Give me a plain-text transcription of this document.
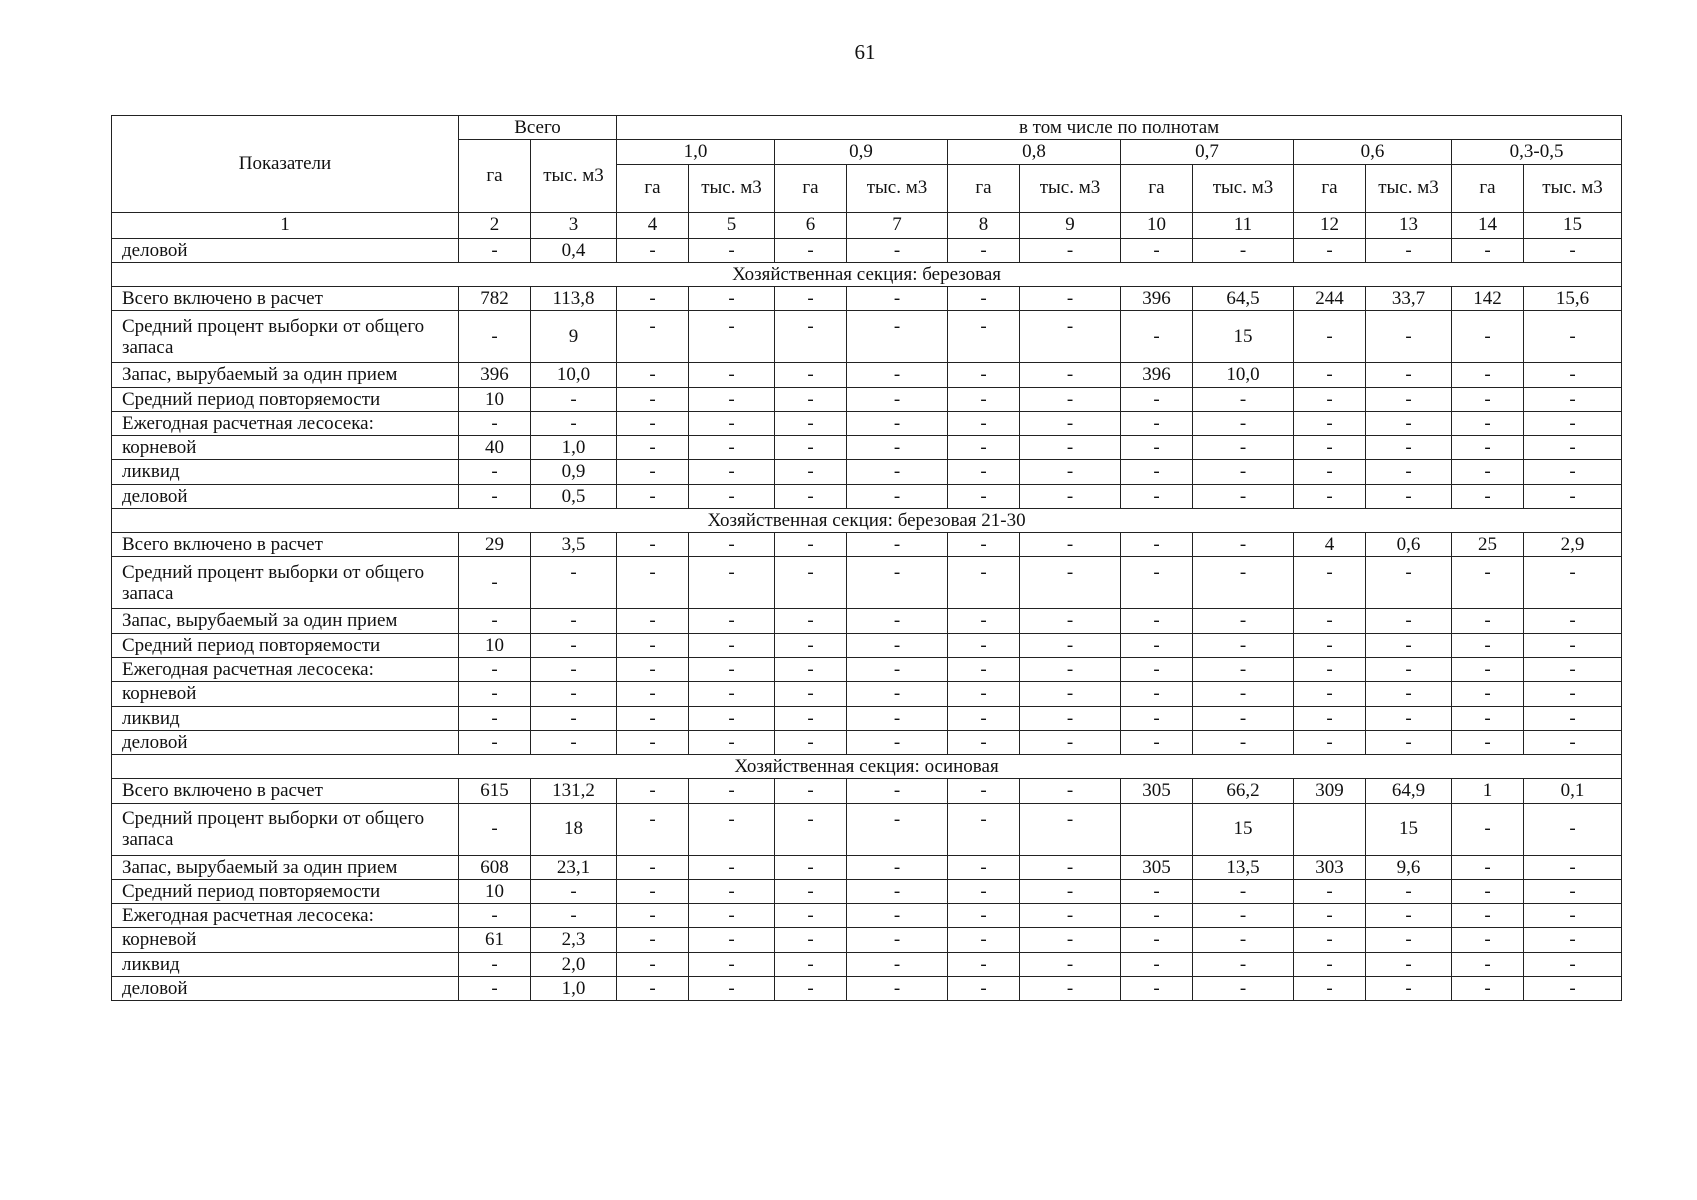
61
Показатели	Всего		в том числе по полнотам											
	га	тыс. м3	1,0		0,9		0,8		0,7		0,6		0,3-0,5	
			га	тыс. м3	га	тыс. м3	га	тыс. м3	га	тыс. м3	га	тыс. м3	га	тыс. м3
1	2	3	4	5	6	7	8	9	10	11	12	13	14	15
деловой	-	0,4	-	-	-	-	-	-	-	-	-	-	-	-
Хозяйственная секция: березовая														
Всего включено в расчет	782	113,8	-	-	-	-	-	-	396	64,5	244	33,7	142	15,6
Средний процент выборки от общего запаса	-	9	-	-	-	-	-	-	-	15	-	-	-	-
Запас, вырубаемый за один прием	396	10,0	-	-	-	-	-	-	396	10,0	-	-	-	-
Средний период повторяемости	10	-	-	-	-	-	-	-	-	-	-	-	-	-
Ежегодная расчетная лесосека:	-	-	-	-	-	-	-	-	-	-	-	-	-	-
корневой	40	1,0	-	-	-	-	-	-	-	-	-	-	-	-
ликвид	-	0,9	-	-	-	-	-	-	-	-	-	-	-	-
деловой	-	0,5	-	-	-	-	-	-	-	-	-	-	-	-
Хозяйственная секция: березовая 21-30														
Всего включено в расчет	29	3,5	-	-	-	-	-	-	-	-	4	0,6	25	2,9
Средний процент выборки от общего запаса	-	-	-	-	-	-	-	-	-	-	-	-	-	-
Запас, вырубаемый за один прием	-	-	-	-	-	-	-	-	-	-	-	-	-	-
Средний период повторяемости	10	-	-	-	-	-	-	-	-	-	-	-	-	-
Ежегодная расчетная лесосека:	-	-	-	-	-	-	-	-	-	-	-	-	-	-
корневой	-	-	-	-	-	-	-	-	-	-	-	-	-	-
ликвид	-	-	-	-	-	-	-	-	-	-	-	-	-	-
деловой	-	-	-	-	-	-	-	-	-	-	-	-	-	-
Хозяйственная секция: осиновая														
Всего включено в расчет	615	131,2	-	-	-	-	-	-	305	66,2	309	64,9	1	0,1
Средний процент выборки от общего запаса	-	18	-	-	-	-	-	-		15		15	-	-
Запас, вырубаемый за один прием	608	23,1	-	-	-	-	-	-	305	13,5	303	9,6	-	-
Средний период повторяемости	10	-	-	-	-	-	-	-	-	-	-	-	-	-
Ежегодная расчетная лесосека:	-	-	-	-	-	-	-	-	-	-	-	-	-	-
корневой	61	2,3	-	-	-	-	-	-	-	-	-	-	-	-
ликвид	-	2,0	-	-	-	-	-	-	-	-	-	-	-	-
деловой	-	1,0	-	-	-	-	-	-	-	-	-	-	-	-
